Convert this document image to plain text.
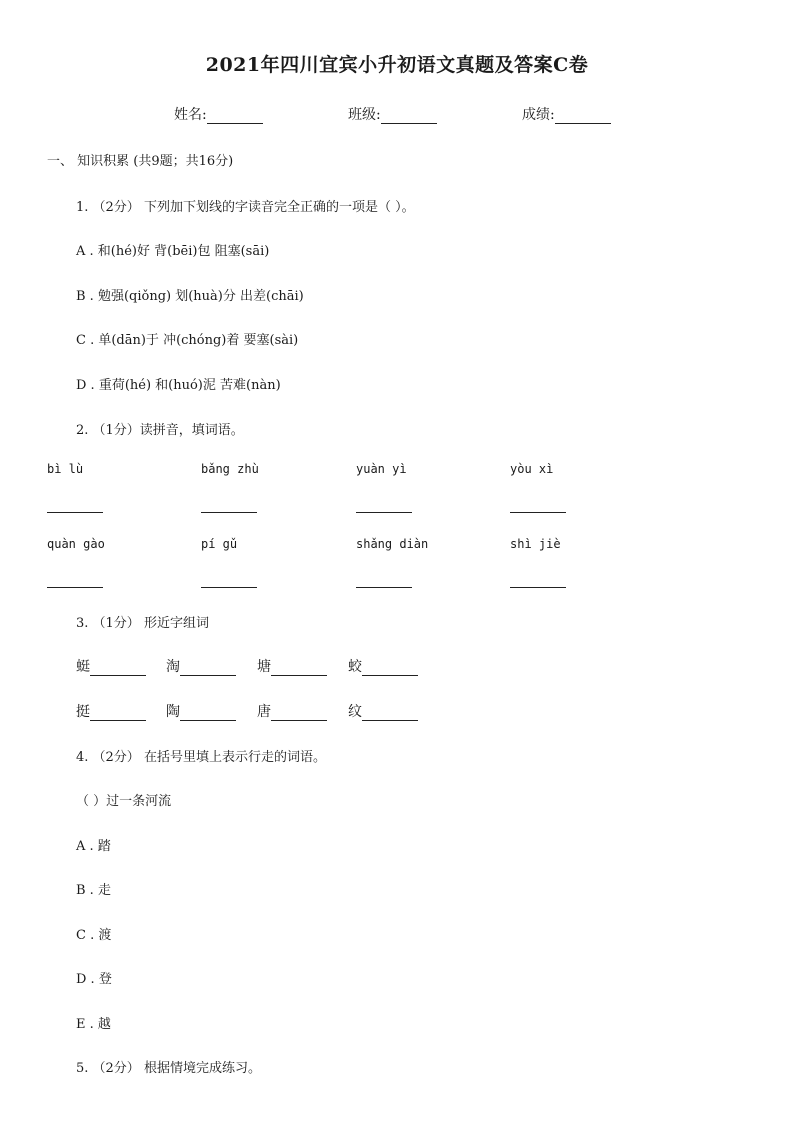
2021年四川宜宾小升初语文真题及答案C卷
姓名:	班级:	成绩:
一、 知识积累 (共9题；共16分)
1. （2分） 下列加下划线的字读音完全正确的一项是（ ）。
A . 和(hé)好 背(bēi)包 阻塞(sāi)
B . 勉强(qiǒng) 划(huà)分 出差(chāi)
C . 单(dān)于 冲(chóng)着 要塞(sài)
D . 重荷(hé) 和(huó)泥 苦难(nàn)
2. （1分）读拼音，填词语。
bì lù	bǎng zhù	yuàn yì	yòu xì
quàn gào	pí gǔ	shǎng diàn	shì jiè
3. （1分） 形近字组词
蜓	淘	塘	蛟
挺	陶	唐	纹
4. （2分） 在括号里填上表示行走的词语。
（ ）过一条河流
A . 踏
B . 走
C . 渡
D . 登
E . 越
5. （2分） 根据情境完成练习。
